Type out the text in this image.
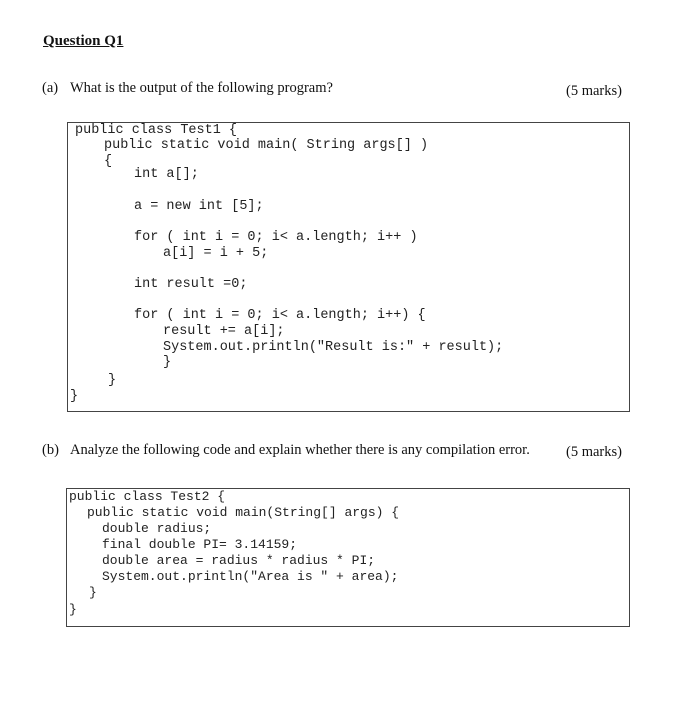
Question Q1
(a) What is the output of the following program?	(5 marks)
public class Test1 {
public static void main( String args[] )
{
int a[];
a = new int [5];
for ( int i = 0; i< a.length; i++ )
a[i] = i + 5;
int result =0;
for ( int i = 0; i< a.length; i++) {
result += a[i];
System.out.println("Result is:" + result);
}
}
}
(b) Analyze the following code and explain whether there is any compilation error. (5 marks)
public class Test2 {
public static void main(String[] args) {
double radius;
final double PI= 3.14159;
double area = radius * radius * PI;
System.out.println("Area is " + area);
}
}
